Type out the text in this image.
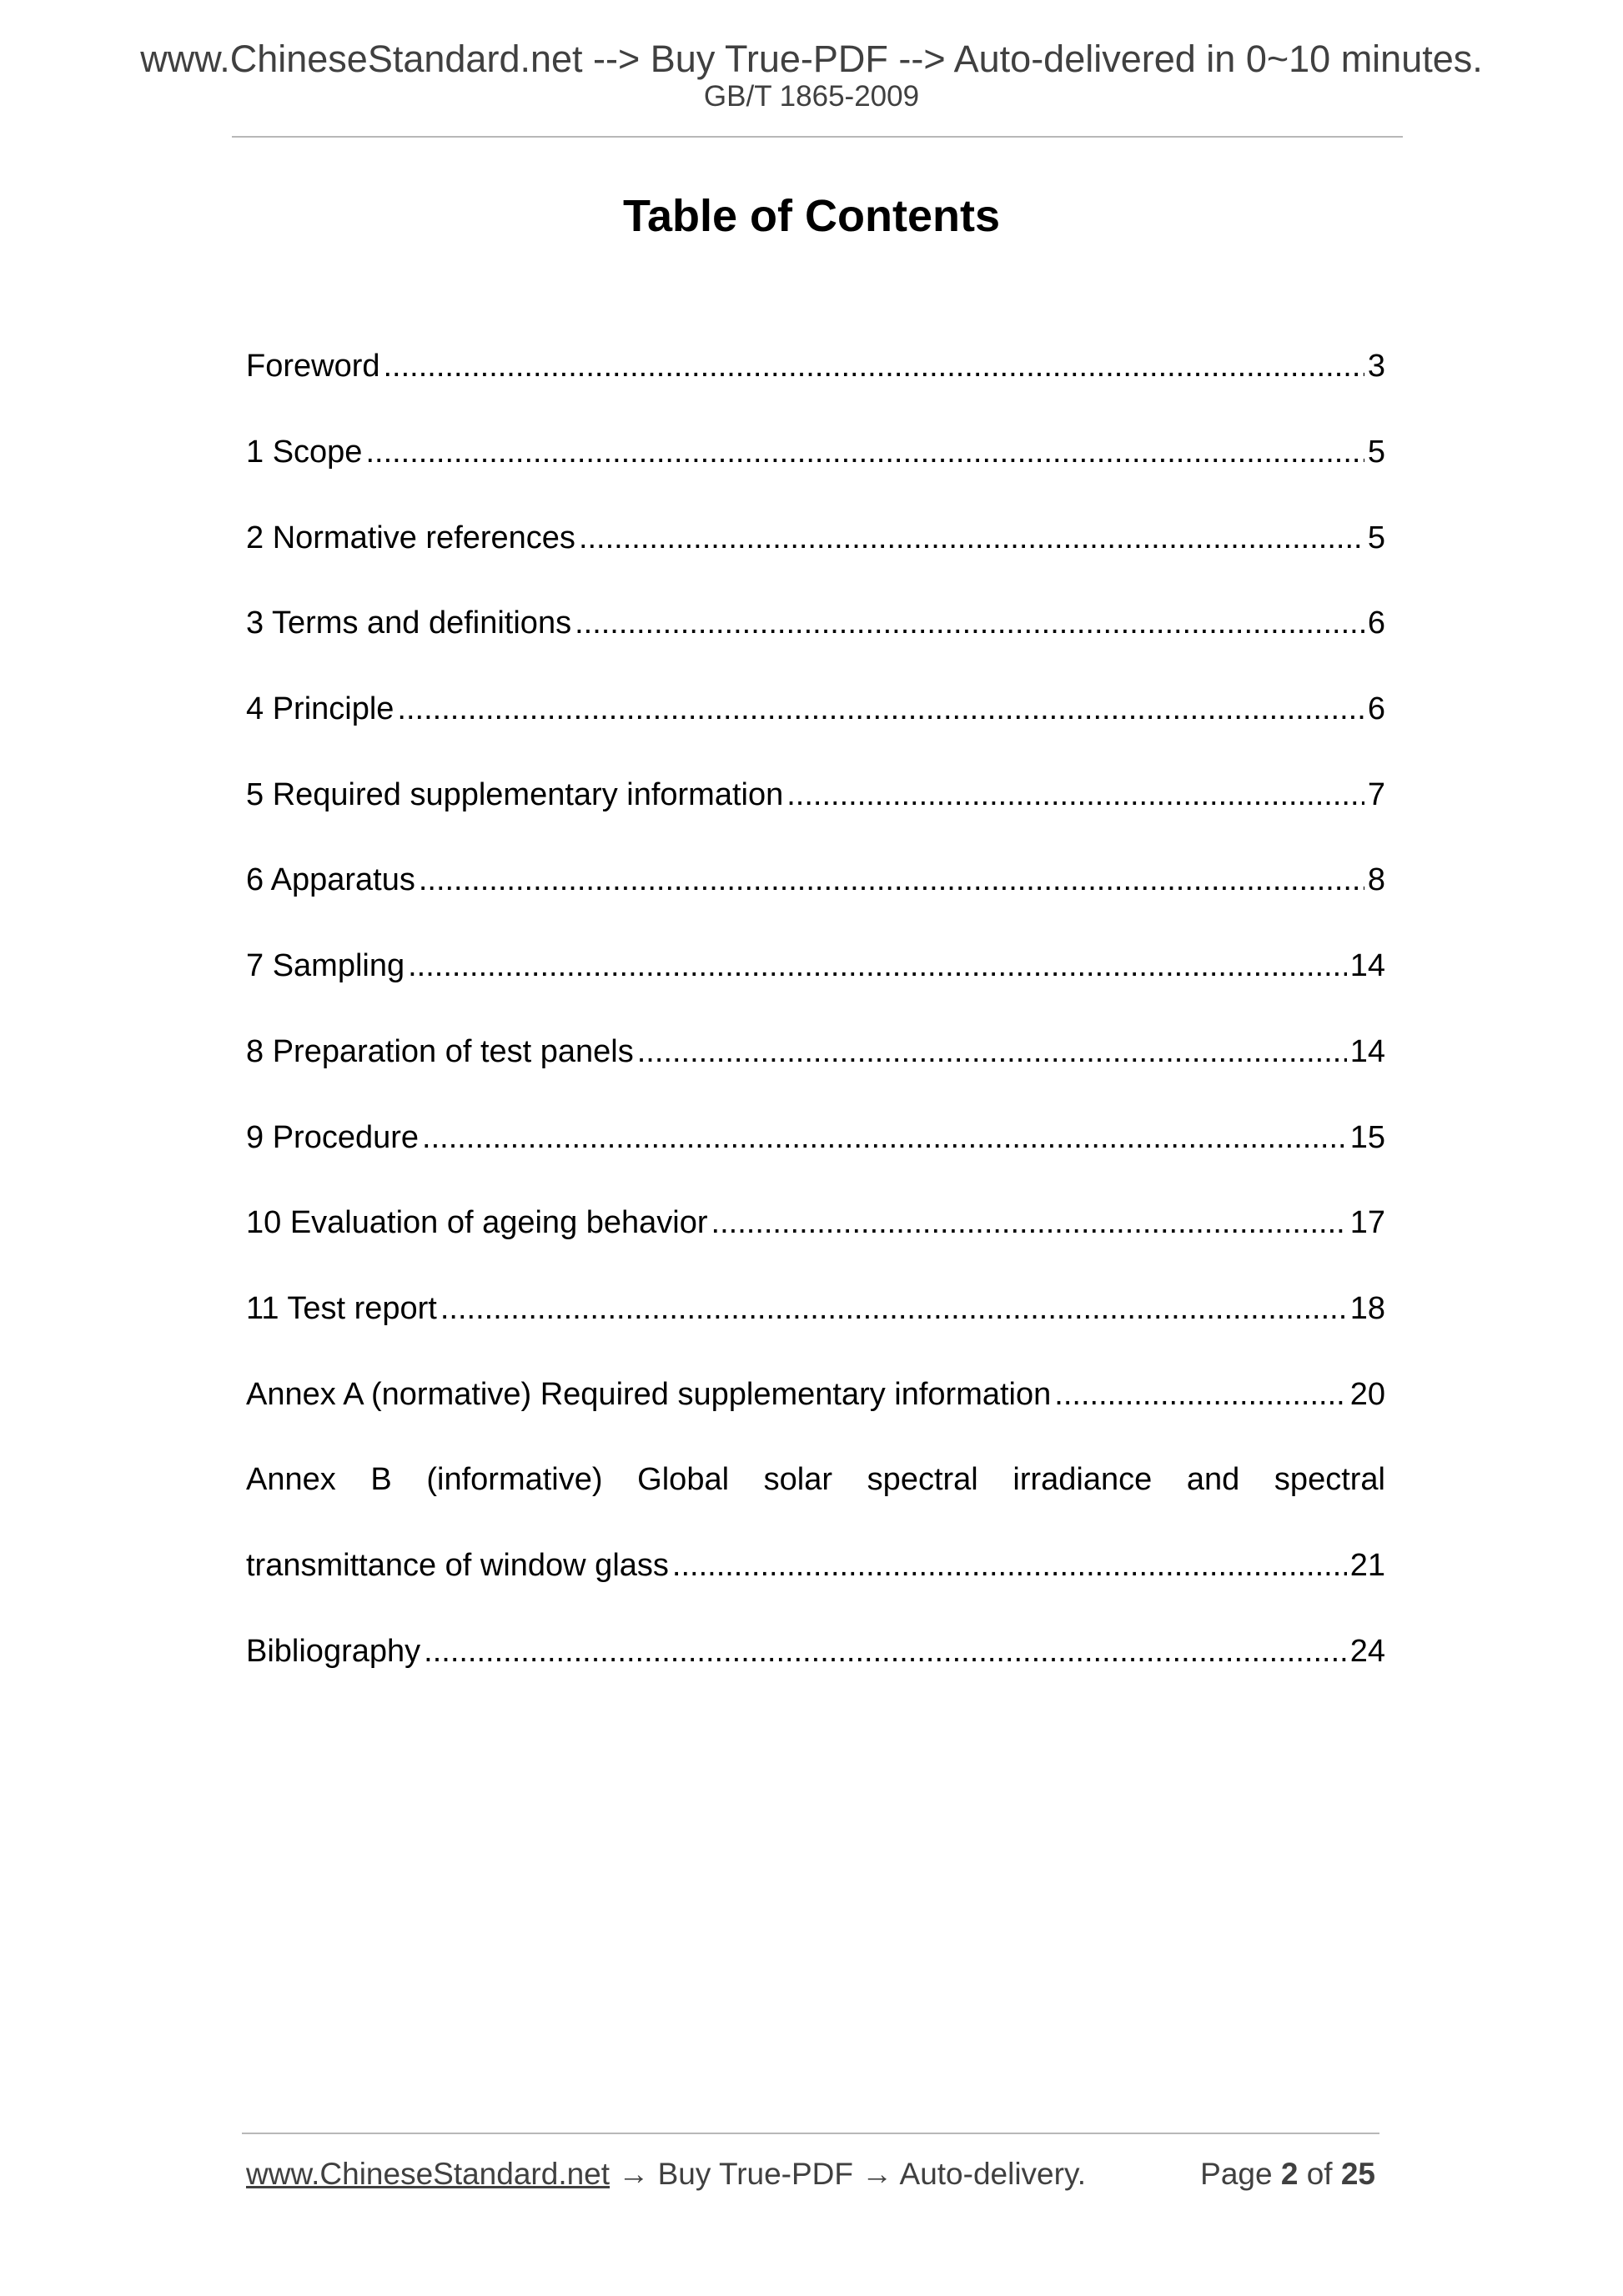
www.ChineseStandard.net --> Buy True-PDF --> Auto-delivered in 0~10 minutes.
GB/T 1865-2009
Table of Contents
Foreword .....	3
1 Scope .....	5
2 Normative references .....	5
3 Terms and definitions .....	6
4 Principle .....	6
5 Required supplementary information .....	7
6 Apparatus .....	8
7 Sampling .....	14
8 Preparation of test panels .....	14
9 Procedure .....	15
10 Evaluation of ageing behavior .....	17
11 Test report .....	18
Annex A (normative) Required supplementary information .....	20
Annex B (informative) Global solar spectral irradiance and spectral
transmittance of window glass .....	21
Bibliography .....	24
www.ChineseStandard.net → Buy True-PDF → Auto-delivery.	Page 2 of 25
